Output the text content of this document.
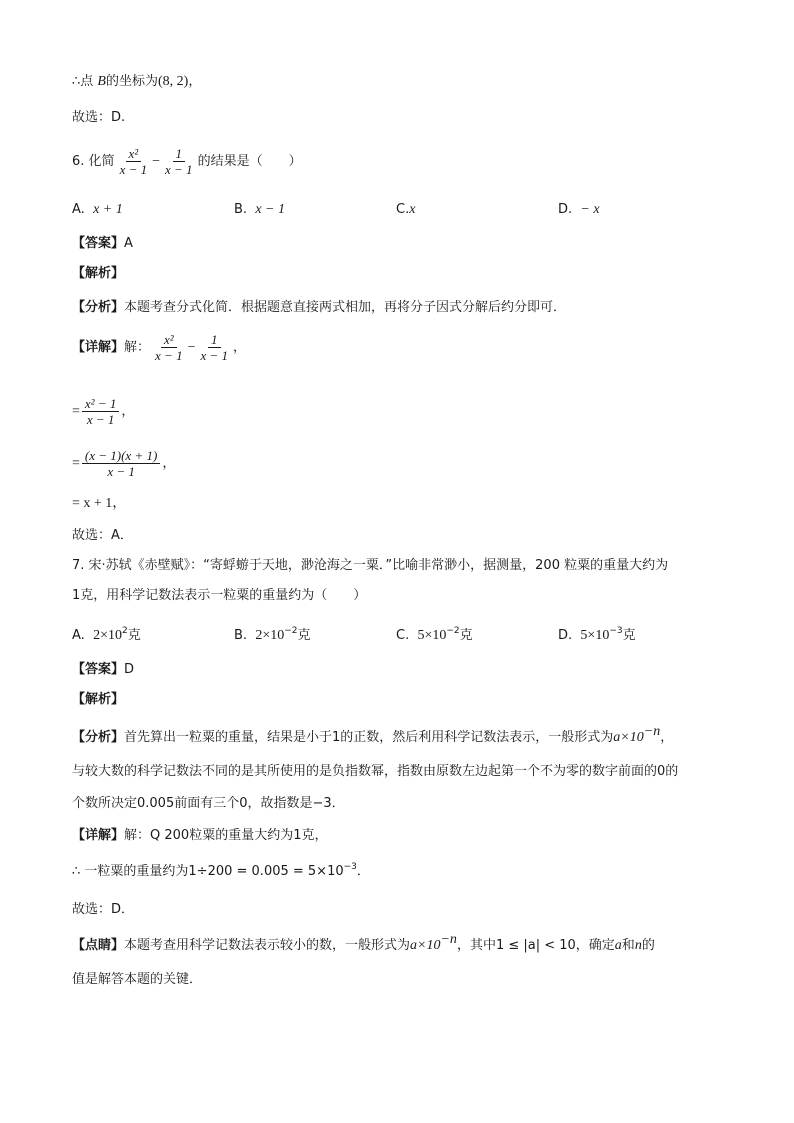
∴点 B的坐标为(8, 2)，
故选：D.
6. 化简 $\frac{\text{x²}}{x - 1} - \frac{1}{x - 1}$ 的结果是（　　）
A. x + 1	B. x − 1	C.x	D. − x
【答案】A
【解析】
【分析】本题考查分式化简．根据题意直接两式相加，再将分子因式分解后约分即可．
【详解】解： $\frac{\text{x²}}{x - 1} - \frac{1}{x - 1}$ ，
= $\frac{\text{x² − 1}}{x - 1}$ ，
= $\frac{(x - 1)(x + 1)}{x - 1}$ ，
= x + 1，
故选：A．
7. 宋·苏轼《赤壁赋》：“寄蜉蝣于天地，渺沧海之一粟．”比喻非常渺小，据测量，200 粒粟的重量大约为
1克，用科学记数法表示一粒粟的重量约为（　　）
A. $2\times 10^2$克	B. $2\times 10^{-2}$克	C. $5\times 10^{-2}$克	D. $5\times 10^{-3}$克
【答案】D
【解析】
【分析】首先算出一粒粟的重量，结果是小于1的正数，然后利用科学记数法表示，一般形式为$a\times 10^{-n}$，
与较大数的科学记数法不同的是其所使用的是负指数幂，指数由原数左边起第一个不为零的数字前面的0的
个数所决定0.005前面有三个0，故指数是−3．
【详解】解：Q 200粒粟的重量大约为1克，
∴ 一粒粟的重量约为$1\div 200 = 0.005 = 5\times 10^{-3}$．
故选：D．
【点睛】本题考查用科学记数法表示较小的数，一般形式为$a\times 10^{-n}$，其中1 ≤ |a| < 10，确定a和n的
值是解答本题的关键．
